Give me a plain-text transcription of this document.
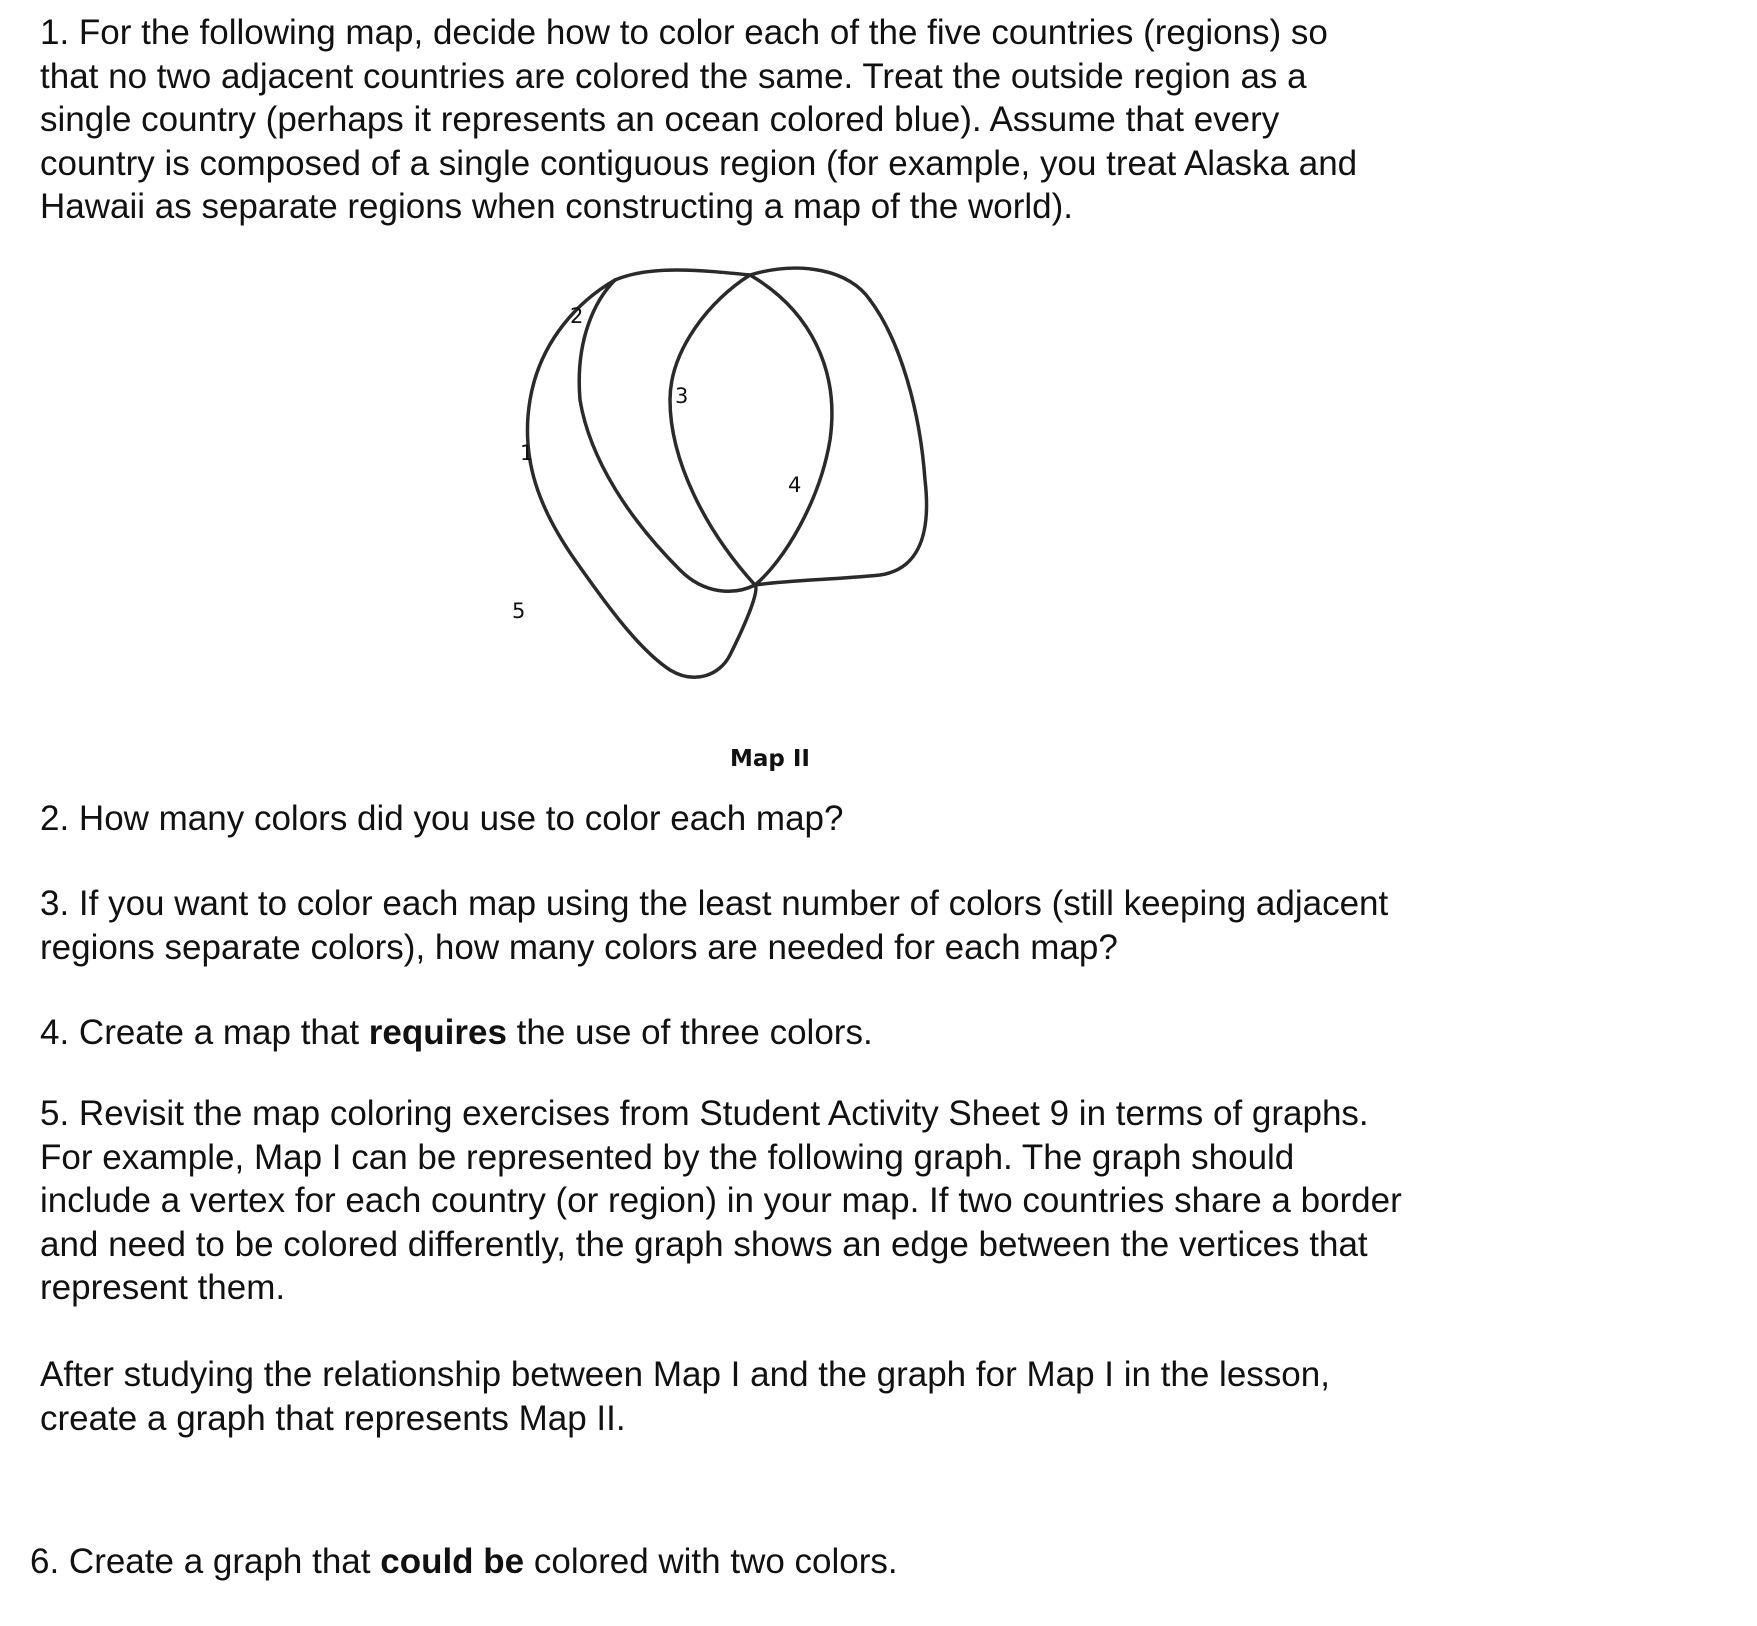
1. For the following map, decide how to color each of the five countries (regions) so
that no two adjacent countries are colored the same. Treat the outside region as a
single country (perhaps it represents an ocean colored blue). Assume that every
country is composed of a single contiguous region (for example, you treat Alaska and
Hawaii as separate regions when constructing a map of the world).

2
3
1
4
5
Map II

2. How many colors did you use to color each map?

3. If you want to color each map using the least number of colors (still keeping adjacent
regions separate colors), how many colors are needed for each map?

4. Create a map that requires the use of three colors.

5. Revisit the map coloring exercises from Student Activity Sheet 9 in terms of graphs.
For example, Map I can be represented by the following graph. The graph should
include a vertex for each country (or region) in your map. If two countries share a border
and need to be colored differently, the graph shows an edge between the vertices that
represent them.

After studying the relationship between Map I and the graph for Map I in the lesson,
create a graph that represents Map II.

6. Create a graph that could be colored with two colors.
